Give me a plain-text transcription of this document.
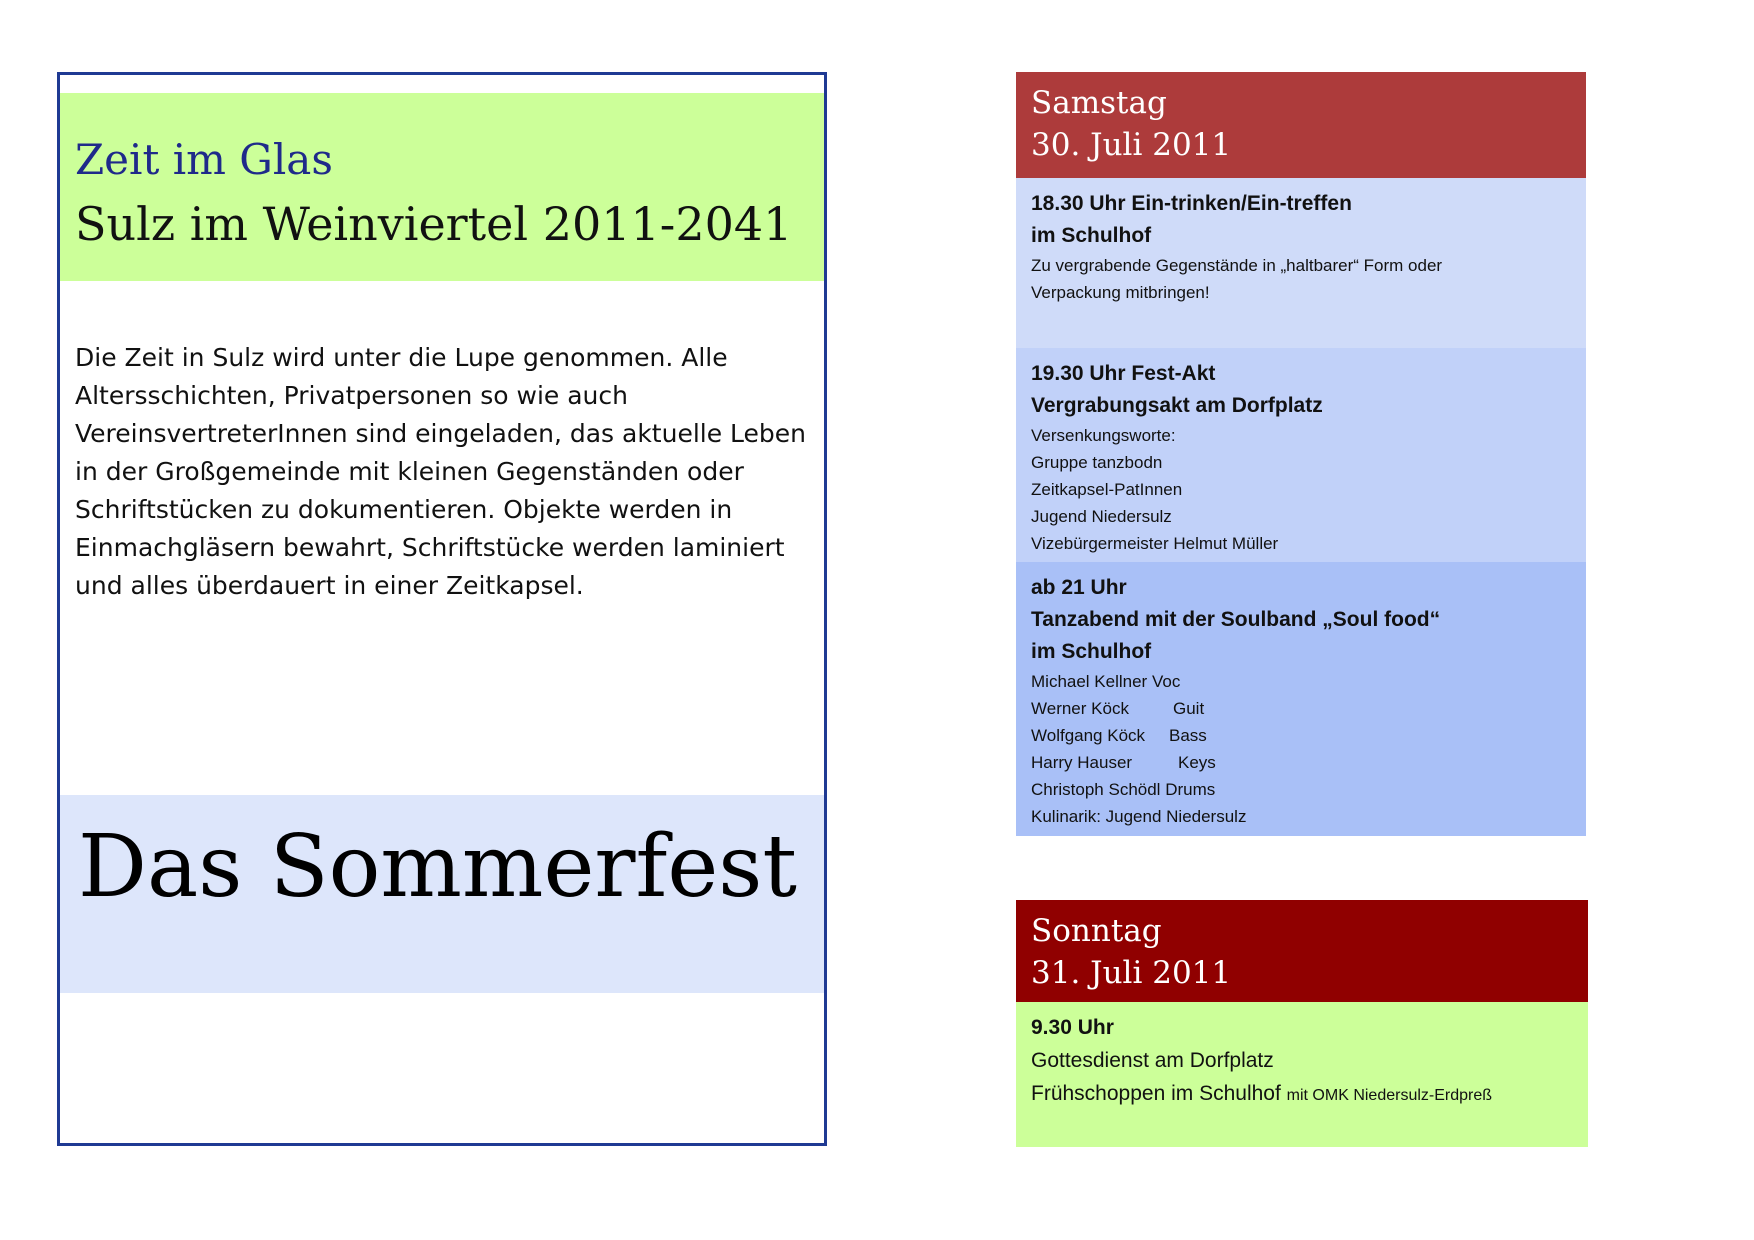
Zeit im Glas
Sulz im Weinviertel 2011-2041
Die Zeit in Sulz wird unter die Lupe genommen. Alle Altersschichten, Privatpersonen so wie auch VereinsvertreterInnen sind eingeladen, das aktuelle Leben in der Großgemeinde mit kleinen Gegenständen oder Schriftstücken zu dokumentieren. Objekte werden in Einmachgläsern bewahrt, Schriftstücke werden laminiert und alles überdauert in einer Zeitkapsel.
Das Sommerfest
Samstag
30. Juli 2011
18.30 Uhr Ein-trinken/Ein-treffen
im Schulhof
Zu vergrabende Gegenstände in „haltbarer“ Form oder
Verpackung mitbringen!
19.30 Uhr Fest-Akt
Vergrabungsakt am Dorfplatz
Versenkungsworte:
Gruppe tanzbodn
Zeitkapsel-PatInnen
Jugend Niedersulz
Vizebürgermeister Helmut Müller
ab 21 Uhr
Tanzabend mit der Soulband „Soul food“
im Schulhof
Michael Kellner Voc
Werner Köck	Guit
Wolfgang Köck Bass
Harry Hauser	Keys
Christoph Schödl Drums
Kulinarik: Jugend Niedersulz
Sonntag
31. Juli 2011
9.30 Uhr
Gottesdienst am Dorfplatz
Frühschoppen im Schulhof mit OMK Niedersulz-Erdpreß
